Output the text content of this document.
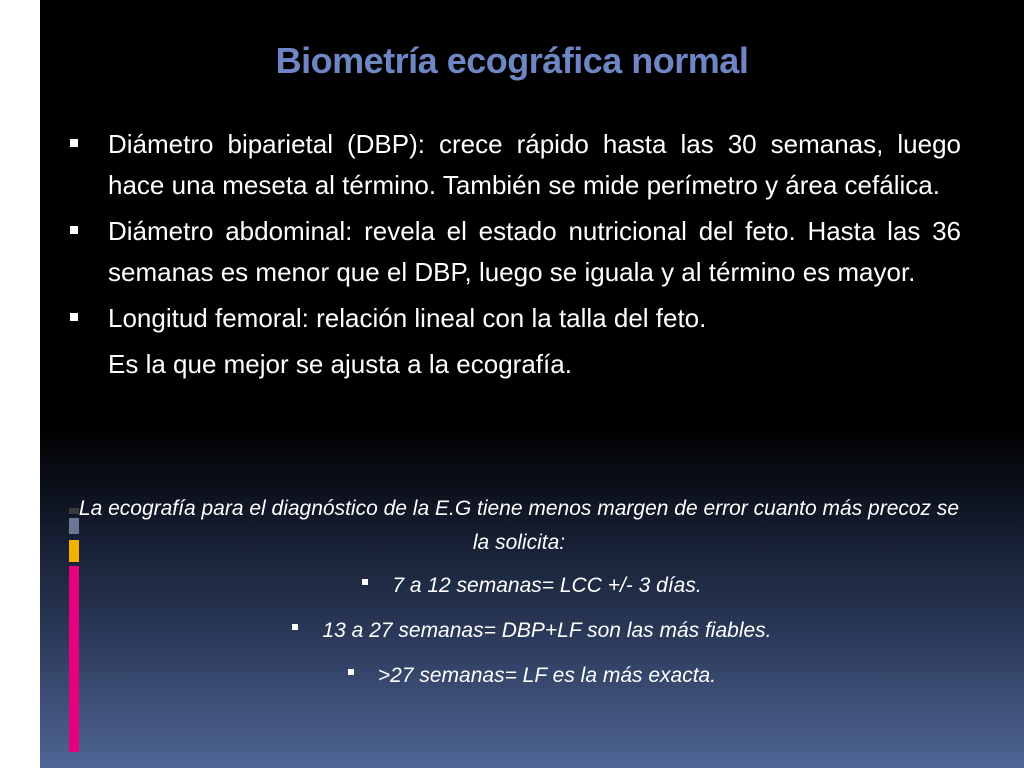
Biometría ecográfica normal
Diámetro biparietal (DBP): crece rápido hasta las 30 semanas, luego hace una meseta al término. También se mide perímetro y área cefálica.
Diámetro abdominal: revela el estado nutricional del feto. Hasta las 36 semanas es menor que el DBP, luego se iguala y al término es mayor.
Longitud femoral: relación lineal con la talla del feto.
Es la que mejor se ajusta a la ecografía.
La ecografía para el diagnóstico de la E.G tiene menos margen de error cuanto más precoz se la solicita:
7 a 12 semanas= LCC +/- 3 días.
13 a 27 semanas= DBP+LF son las más fiables.
>27 semanas= LF es la más exacta.
